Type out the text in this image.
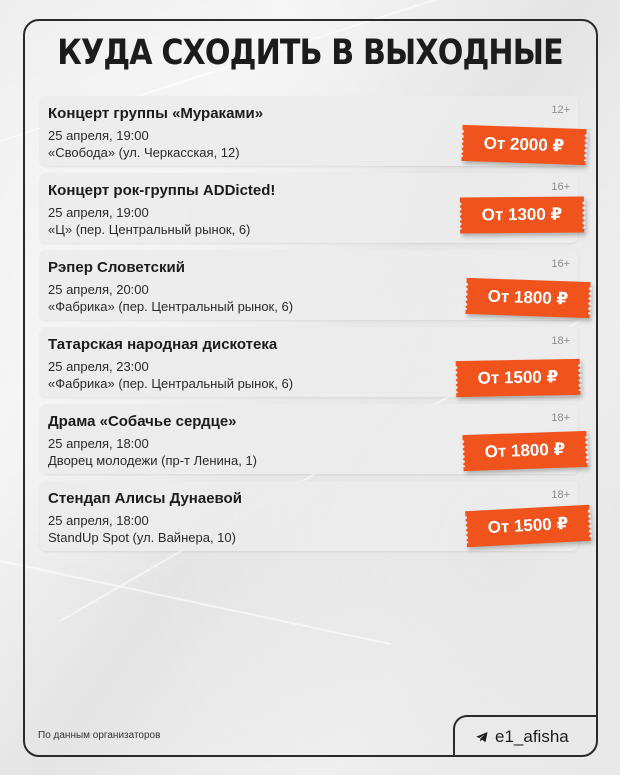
КУДА СХОДИТЬ В ВЫХОДНЫЕ
Концерт группы «Мураками»
25 апреля, 19:00
«Свобода» (ул. Черкасская, 12)
12+
От 2000 ₽
Концерт рок-группы ADDicted!
25 апреля, 19:00
«Ц» (пер. Центральный рынок, 6)
16+
От 1300 ₽
Рэпер Словетский
25 апреля, 20:00
«Фабрика» (пер. Центральный рынок, 6)
16+
От 1800 ₽
Татарская народная дискотека
25 апреля, 23:00
«Фабрика» (пер. Центральный рынок, 6)
18+
От 1500 ₽
Драма «Собачье сердце»
25 апреля, 18:00
Дворец молодежи (пр-т Ленина, 1)
18+
От 1800 ₽
Стендап Алисы Дунаевой
25 апреля, 18:00
StandUp Spot (ул. Вайнера, 10)
18+
От 1500 ₽
По данным организаторов	e1_afisha
